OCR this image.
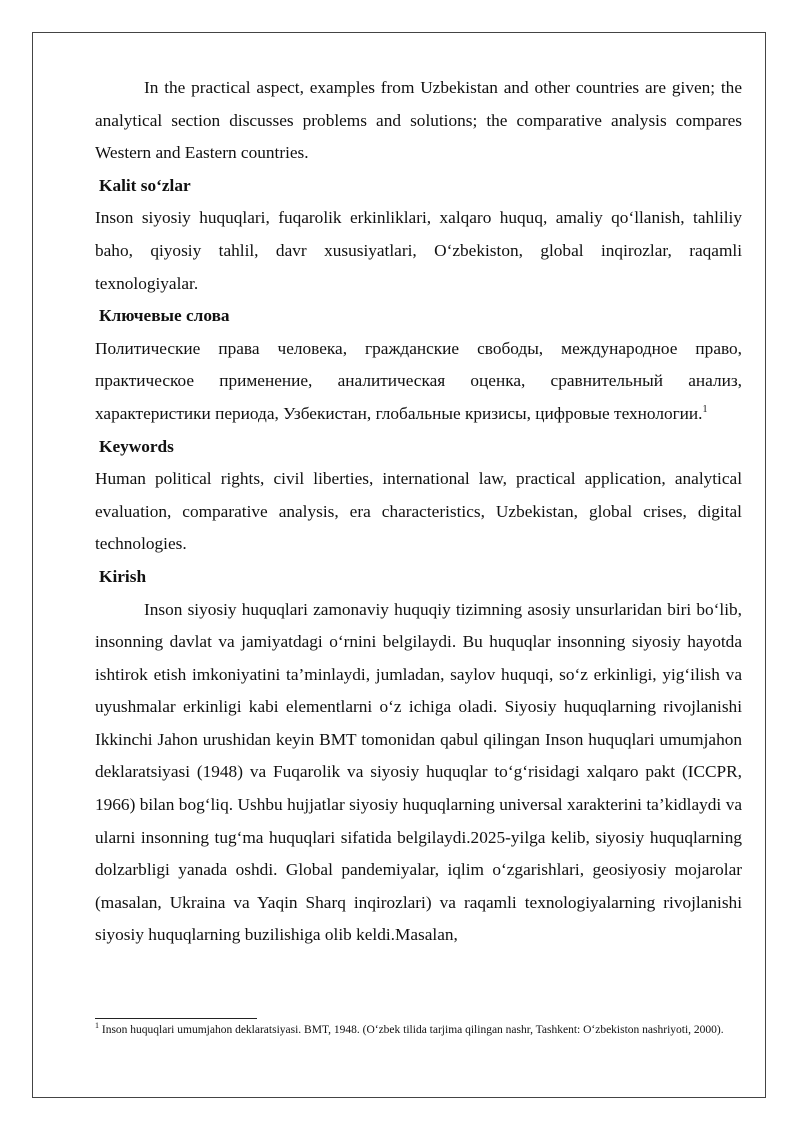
In the practical aspect, examples from Uzbekistan and other countries are given; the analytical section discusses problems and solutions; the comparative analysis compares Western and Eastern countries.

Kalit so‘zlar

Inson siyosiy huquqlari, fuqarolik erkinliklari, xalqaro huquq, amaliy qo‘llanish, tahliliy baho, qiyosiy tahlil, davr xususiyatlari, O‘zbekiston, global inqirozlar, raqamli texnologiyalar.

Ключевые слова

Политические права человека, гражданские свободы, международное право, практическое применение, аналитическая оценка, сравнительный анализ, характеристики периода, Узбекистан, глобальные кризисы, цифровые технологии.$^1$

Keywords

Human political rights, civil liberties, international law, practical application, analytical evaluation, comparative analysis, era characteristics, Uzbekistan, global crises, digital technologies.

Kirish

Inson siyosiy huquqlari zamonaviy huquqiy tizimning asosiy unsurlaridan biri bo‘lib, insonning davlat va jamiyatdagi o‘rnini belgilaydi. Bu huquqlar insonning siyosiy hayotda ishtirok etish imkoniyatini ta’minlaydi, jumladan, saylov huquqi, so‘z erkinligi, yig‘ilish va uyushmalar erkinligi kabi elementlarni o‘z ichiga oladi. Siyosiy huquqlarning rivojlanishi Ikkinchi Jahon urushidan keyin BMT tomonidan qabul qilingan Inson huquqlari umumjahon deklaratsiyasi (1948) va Fuqarolik va siyosiy huquqlar to‘g‘risidagi xalqaro pakt (ICCPR, 1966) bilan bog‘liq. Ushbu hujjatlar siyosiy huquqlarning universal xarakterini ta’kidlaydi va ularni insonning tug‘ma huquqlari sifatida belgilaydi.2025-yilga kelib, siyosiy huquqlarning dolzarbligi yanada oshdi. Global pandemiyalar, iqlim o‘zgarishlari, geosiyosiy mojarolar (masalan, Ukraina va Yaqin Sharq inqirozlari) va raqamli texnologiyalarning rivojlanishi siyosiy huquqlarning buzilishiga olib keldi.Masalan,

$^1$ Inson huquqlari umumjahon deklaratsiyasi. BMT, 1948. (O‘zbek tilida tarjima qilingan nashr, Tashkent: O‘zbekiston nashriyoti, 2000).
